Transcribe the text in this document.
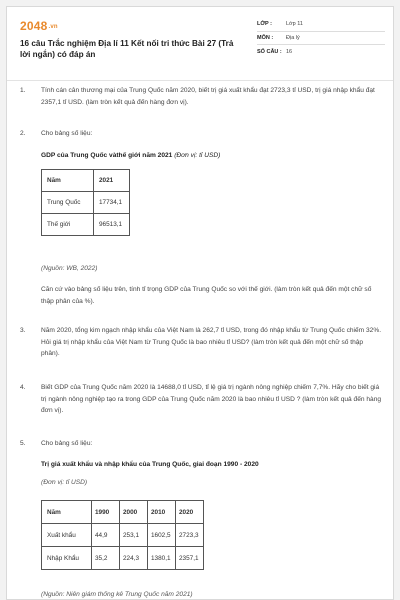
2048.vn
16 câu Trắc nghiệm Địa lí 11 Kết nối tri thức Bài 27 (Trả lời ngắn) có đáp án
LỚP :	Lớp 11
MÔN :	Địa lý
SỐ CÂU : 16
1.	Tính cán cân thương mại của Trung Quốc năm 2020, biết trị giá xuất khẩu đạt 2723,3 tỉ USD, trị giá nhập khẩu đạt 2357,1 tỉ USD. (làm tròn kết quả đến hàng đơn vị).
2.	Cho bảng số liệu:
GDP của Trung Quốc vàthế giới năm 2021 (Đơn vị: tỉ USD)
Năm	2021
Trung Quốc	17734,1
Thế giới	96513,1
(Nguồn: WB, 2022)
Căn cứ vào bảng số liệu trên, tính tỉ trọng GDP của Trung Quốc so với thế giới. (làm tròn kết quả đến một chữ số thập phân của %).
3.	Năm 2020, tổng kim ngạch nhập khẩu của Việt Nam là 262,7 tỉ USD, trong đó nhập khẩu từ Trung Quốc chiếm 32%. Hỏi giá trị nhập khẩu của Việt Nam từ Trung Quốc là bao nhiêu tỉ USD? (làm tròn kết quả đến một chữ số thập phân).
4.	Biết GDP của Trung Quốc năm 2020 là 14688,0 tỉ USD, tỉ lệ giá trị ngành nông nghiệp chiếm 7,7%. Hãy cho biết giá trị ngành nông nghiệp tạo ra trong GDP của Trung Quốc năm 2020 là bao nhiêu tỉ USD ? (làm tròn kết quả đến hàng đơn vị).
5.	Cho bảng số liệu:
Trị giá xuất khẩu và nhập khẩu của Trung Quốc, giai đoạn 1990 - 2020
(Đơn vị: tỉ USD)
Năm	1990	2000	2010	2020
Xuất khẩu	44,9	253,1	1602,5	2723,3
Nhập Khẩu	35,2	224,3	1380,1	2357,1
(Nguồn: Niên giám thống kê Trung Quốc năm 2021)
